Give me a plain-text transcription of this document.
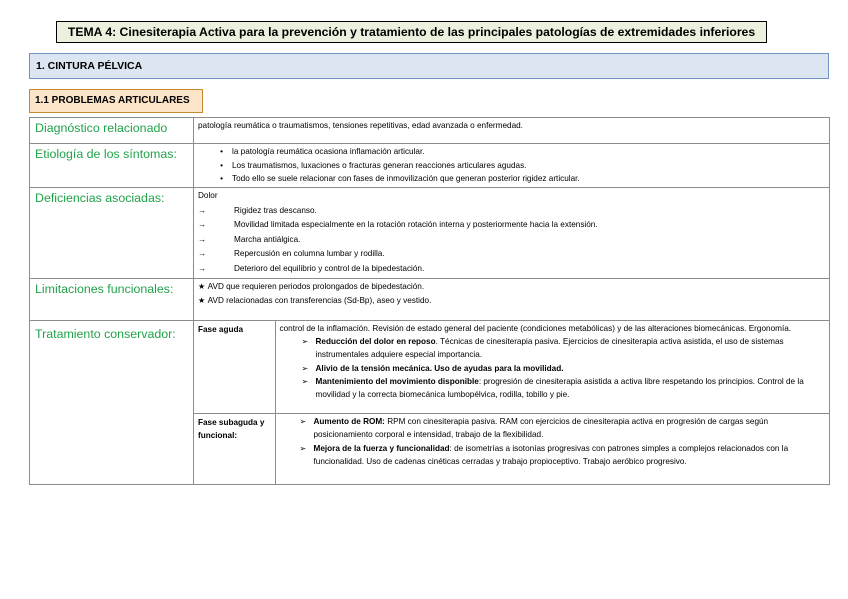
TEMA 4: Cinesiterapia Activa para la prevención y tratamiento de las principales patologías de extremidades inferiores
1. CINTURA PÉLVICA
1.1 PROBLEMAS ARTICULARES
Diagnóstico relacionado	patología reumática o traumatismos, tensiones repetitivas, edad avanzada o enfermedad.

Etiología de los síntomas:	•	la patología reumática ocasiona inflamación articular.
•	Los traumatismos, luxaciones o fracturas generan reacciones articulares agudas.
•	Todo ello se suele relacionar con fases de inmovilización que generan posterior rigidez articular.

Deficiencias asociadas:	Dolor
→	Rigidez tras descanso.
→	Movilidad limitada especialmente en la rotación rotación interna y posteriormente hacia la extensión.
→	Marcha antiálgica.
→	Repercusión en columna lumbar y rodilla.
→	Deterioro del equilibrio y control de la bipedestación.

Limitaciones funcionales:	★
AVD que requieren periodos prolongados de bipedestación.
★
AVD relacionadas con transferencias (Sd-Bp), aseo y vestido.

Tratamiento conservador:		Fase aguda	control de la inflamación. Revisión de estado general del paciente (condiciones metabólicas) y de las alteraciones biomecánicas. Ergonomía.
➢ Reducción del dolor en reposo. Técnicas de cinesiterapia pasiva. Ejercicios de cinesiterapia activa asistida, el uso de sistemas instrumentales adquiere especial importancia.
➢ Alivio de la tensión mecánica. Uso de ayudas para la movilidad.
➢ Mantenimiento del movimiento disponible: progresión de cinesiterapia asistida a activa libre respetando los principios. Control de la movilidad y la correcta biomecánica lumbopélvica, rodilla, tobillo y pie.

Fase subaguda y funcional:	
➢ Aumento de ROM: RPM con cinesiterapia pasiva. RAM con ejercicios de cinesiterapia activa en progresión de cargas según posicionamiento corporal e intensidad, trabajo de la flexibilidad.
➢ Mejora de la fuerza y funcionalidad: de isometrías a isotonías progresivas con patrones simples a complejos relacionados con la funcionalidad. Uso de cadenas cinéticas cerradas y trabajo propioceptivo. Trabajo aeróbico progresivo.
